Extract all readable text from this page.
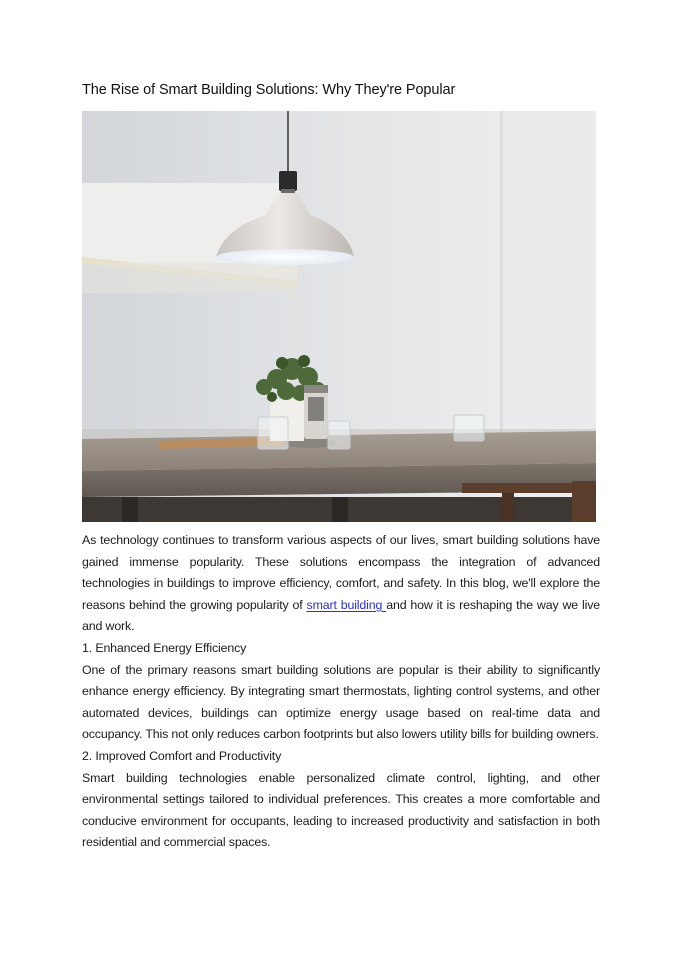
The Rise of Smart Building Solutions: Why They're Popular

As technology continues to transform various aspects of our lives, smart building solutions have gained immense popularity. These solutions encompass the integration of advanced technologies in buildings to improve efficiency, comfort, and safety. In this blog, we'll explore the reasons behind the growing popularity of smart building and how it is reshaping the way we live and work.

1. Enhanced Energy Efficiency

One of the primary reasons smart building solutions are popular is their ability to significantly enhance energy efficiency. By integrating smart thermostats, lighting control systems, and other automated devices, buildings can optimize energy usage based on real-time data and occupancy. This not only reduces carbon footprints but also lowers utility bills for building owners.

2. Improved Comfort and Productivity

Smart building technologies enable personalized climate control, lighting, and other environmental settings tailored to individual preferences. This creates a more comfortable and conducive environment for occupants, leading to increased productivity and satisfaction in both residential and commercial spaces.
